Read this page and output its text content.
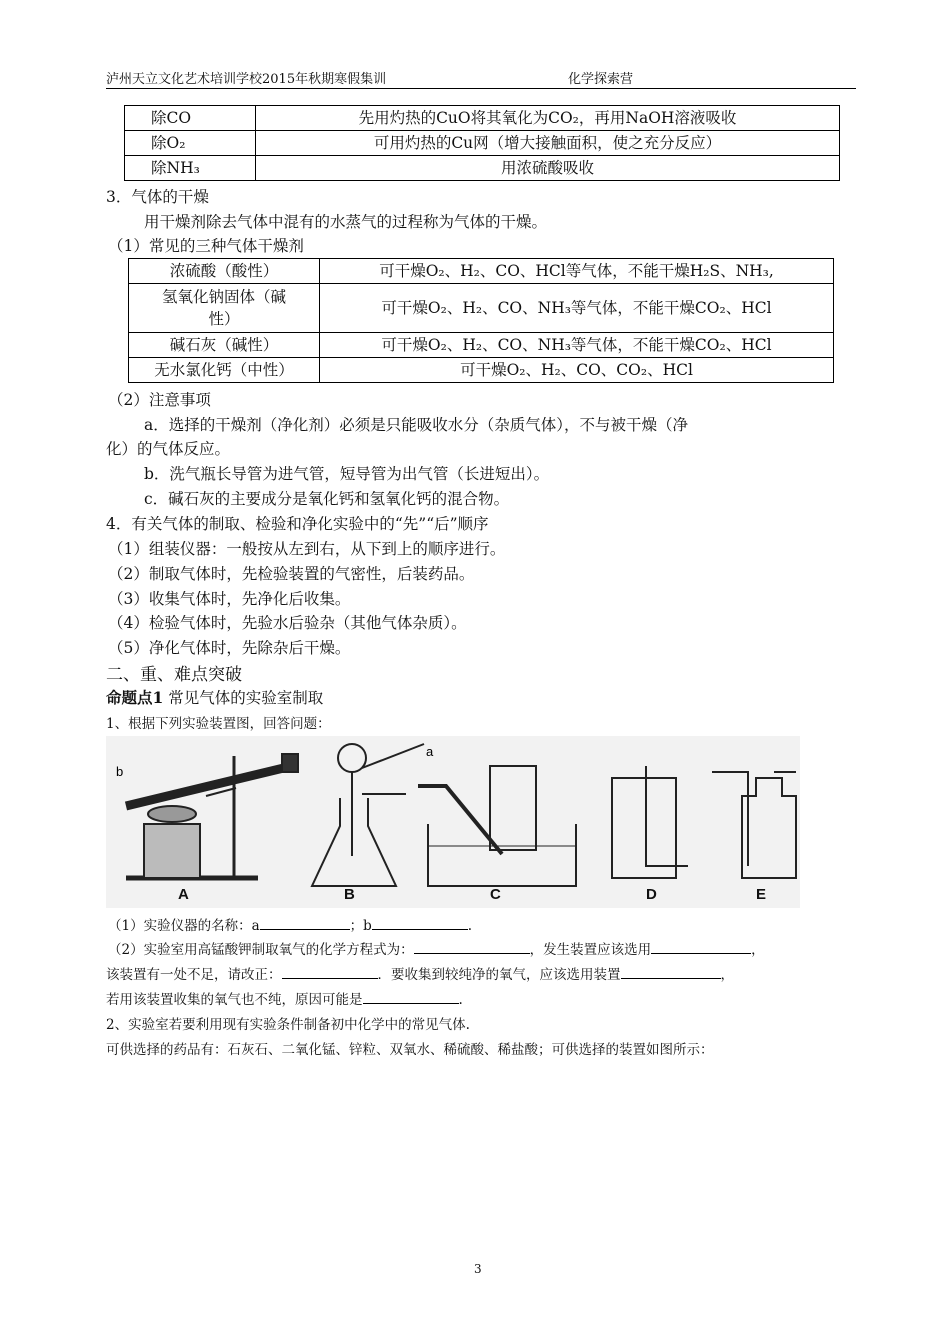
泸州天立文化艺术培训学校2015年秋期寒假集训	化学探索营
除CO	先用灼热的CuO将其氧化为CO₂，再用NaOH溶液吸收
除O₂	可用灼热的Cu网（增大接触面积，使之充分反应）
除NH₃	用浓硫酸吸收
3．气体的干燥
用干燥剂除去气体中混有的水蒸气的过程称为气体的干燥。
（1）常见的三种气体干燥剂
浓硫酸（酸性）	可干燥O₂、H₂、CO、HCl等气体，不能干燥H₂S、NH₃,
氢氧化钠固体（碱
性）	可干燥O₂、H₂、CO、NH₃等气体，不能干燥CO₂、HCl
碱石灰（碱性）	可干燥O₂、H₂、CO、NH₃等气体，不能干燥CO₂、HCl
无水氯化钙（中性）	可干燥O₂、H₂、CO、CO₂、HCl
（2）注意事项
a．选择的干燥剂（净化剂）必须是只能吸收水分（杂质气体），不与被干燥（净
化）的气体反应。
b．洗气瓶长导管为进气管，短导管为出气管（长进短出）。
c．碱石灰的主要成分是氧化钙和氢氧化钙的混合物。
4．有关气体的制取、检验和净化实验中的“先”“后”顺序
（1）组装仪器：一般按从左到右，从下到上的顺序进行。
（2）制取气体时，先检验装置的气密性，后装药品。
（3）收集气体时，先净化后收集。
（4）检验气体时，先验水后验杂（其他气体杂质）。
（5）净化气体时，先除杂后干燥。
二、重、难点突破
命题点1 常见气体的实验室制取
1、根据下列实验装置图，回答问题：
a
b
A	B	C	D	E
（1）实验仪器的名称：a	；b	.
（2）实验室用高锰酸钾制取氧气的化学方程式为：	，发生装置应该选用	，
该装置有一处不足，请改正：	．要收集到较纯净的氧气，应该选用装置	，
若用该装置收集的氧气也不纯，原因可能是	.
2、实验室若要利用现有实验条件制备初中化学中的常见气体.
可供选择的药品有：石灰石、二氧化锰、锌粒、双氧水、稀硫酸、稀盐酸；可供选择的装置如图所示：
3
